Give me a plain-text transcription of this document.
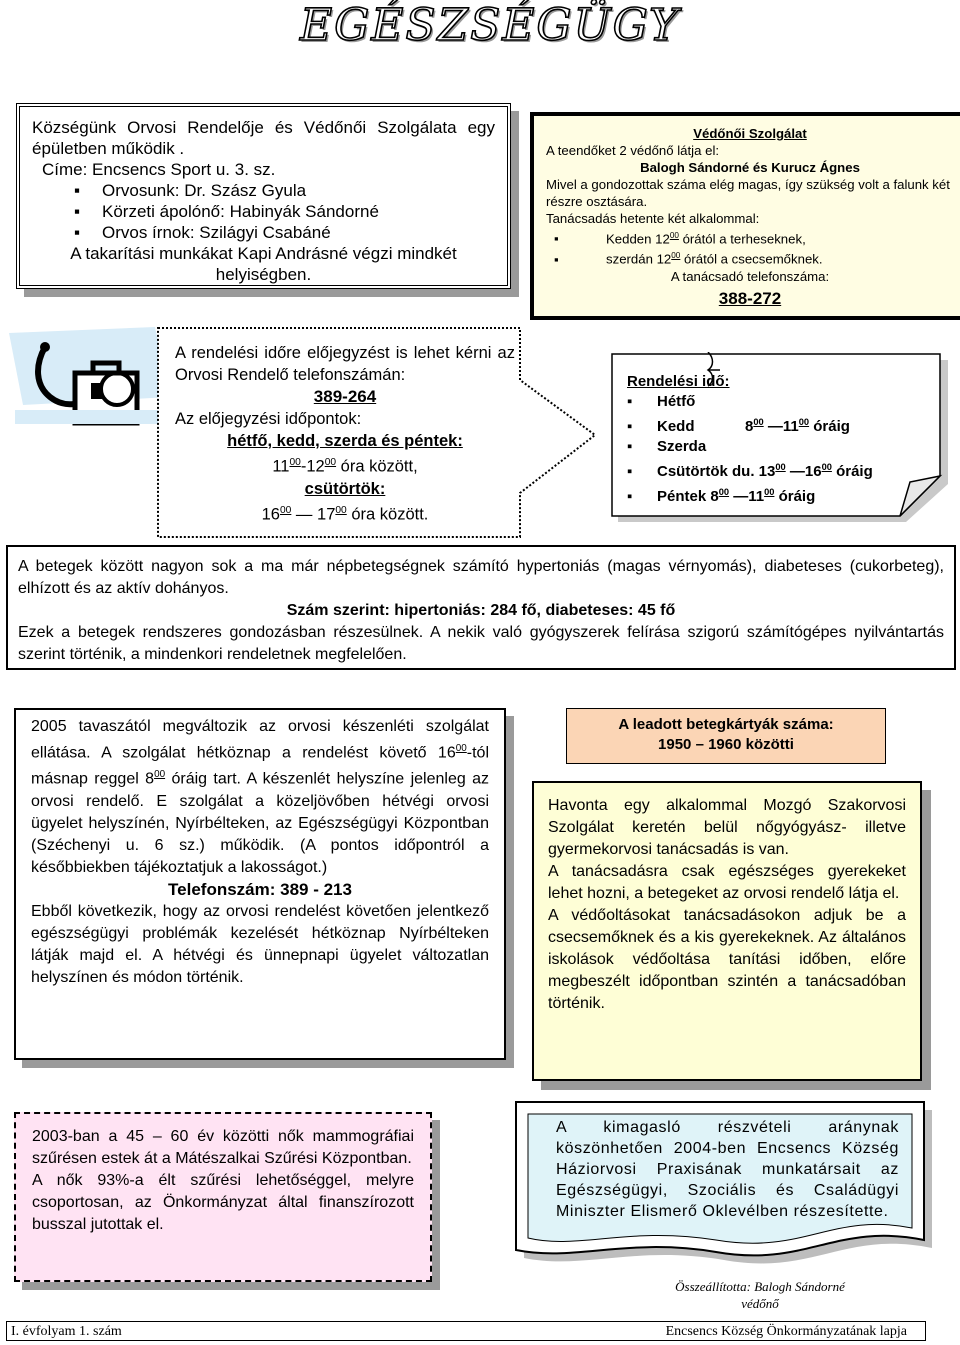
EGÉSZSÉGÜGY
Községünk Orvosi Rendelője és Védőnői Szolgálata egy épületben működik .
Címe: Encsencs Sport u. 3. sz.
▪ Orvosunk: Dr. Szász Gyula
▪ Körzeti ápolónő: Habinyák Sándorné
▪ Orvos írnok: Szilágyi Csabáné
A takarítási munkákat Kapi Andrásné végzi mindkét helyiségben.
Védőnői Szolgálat
A teendőket 2 védőnő látja el:
Balogh Sándorné és Kurucz Ágnes
Mivel a gondozottak száma elég magas, így szükség volt a falunk két részre osztására.
Tanácsadás hetente két alkalommal:
▪ Kedden $12^{00}$ órától a terheseknek,
▪ szerdán $12^{00}$ órától a csecsemőknek.
A tanácsadó telefonszáma:
388-272
A rendelési időre előjegyzést is lehet kérni az Orvosi Rendelő telefonszámán:
389-264
Az előjegyzési időpontok:
hétfő, kedd, szerda és péntek:
$11^{00}-12^{00}$ óra között,
csütörtök:
$16^{00}$ — $17^{00}$ óra között.
Rendelési idő:
▪ Hétfő
▪ Kedd	$8^{00}$ $—11^{00}$ óráig
▪ Szerda
▪ Csütörtök du. $13^{00}$ $—16^{00}$ óráig
▪ Péntek $8^{00}$ $—11^{00}$ óráig
A betegek között nagyon sok a ma már népbetegségnek számító hypertoniás (magas vérnyomás), diabeteses (cukorbeteg), elhízott és az aktív dohányos.
Szám szerint: hipertoniás: 284 fő, diabeteses: 45 fő
Ezek a betegek rendszeres gondozásban részesülnek. A nekik való gyógyszerek felírása szigorú számítógépes nyilvántartás szerint történik, a mindenkori rendeletnek megfelelően.
2005 tavaszától megváltozik az orvosi készenléti szolgálat ellátása. A szolgálat hétköznap a rendelést követő $16^{00}$-tól másnap reggel $8^{00}$ óráig tart. A készenlét helyszíne jelenleg az orvosi rendelő. E szolgálat a közeljövőben hétvégi orvosi ügyelet helyszínén, Nyírbélteken, az Egészségügyi Központban (Széchenyi u. 6 sz.) működik. (A pontos időpontról a későbbiekben tájékoztatjuk a lakosságot.)
Telefonszám: 389 - 213
Ebből következik, hogy az orvosi rendelést követően jelentkező egészségügyi problémák kezelését hétköznap Nyírbélteken látják majd el. A hétvégi és ünnepnapi ügyelet változatlan helyszínen és módon történik.
A leadott betegkártyák száma:
1950 – 1960 közötti
Havonta egy alkalommal Mozgó Szakorvosi Szolgálat keretén belül nőgyógyász- illetve gyermekorvosi tanácsadás is van.
A tanácsadásra csak egészséges gyerekeket lehet hozni, a betegeket az orvosi rendelő látja el.
A védőoltásokat tanácsadásokon adjuk be a csecsemőknek és a kis gyerekeknek. Az általános iskolások védőoltása tanítási időben, előre megbeszélt időpontban szintén a tanácsadóban történik.
2003-ban a 45 – 60 év közötti nők mammográfiai szűrésen estek át a Mátészalkai Szűrési Központban.
A nők 93%-a élt szűrési lehetőséggel, melyre csoportosan, az Önkormányzat által finanszírozott busszal jutottak el.
A kimagasló részvételi aránynak köszönhetően 2004-ben Encsencs Község Háziorvosi Praxisának munkatársait az Egészségügyi, Szociális és Családügyi Miniszter Elismerő Oklevélben részesítette.
Összeállította: Balogh Sándorné
védőnő
I. évfolyam 1. szám	Encsencs Község Önkormányzatának lapja
